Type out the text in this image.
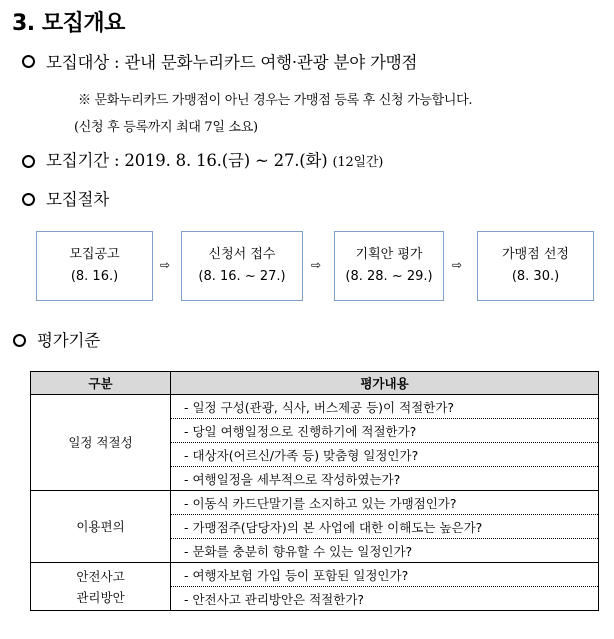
3. 모집개요
모집대상 : 관내 문화누리카드 여행·관광 분야 가맹점
※ 문화누리카드 가맹점이 아닌 경우는 가맹점 등록 후 신청 가능합니다.
(신청 후 등록까지 최대 7일 소요)
모집기간 : 2019. 8. 16.(금) ~ 27.(화) (12일간)
모집절차
모집공고
(8. 16.)
⇨
신청서 접수
(8. 16. ~ 27.)
⇨
기획안 평가
(8. 28. ~ 29.)
⇨
가맹점 선정
(8. 30.)
평가기준
구분	평가내용
일정 적절성	- 일정 구성(관광, 식사, 버스제공 등)이 적절한가?
	- 당일 여행일정으로 진행하기에 적절한가?
	- 대상자(어르신/가족 등) 맞춤형 일정인가?
	- 여행일정을 세부적으로 작성하였는가?
이용편의	- 이동식 카드단말기를 소지하고 있는 가맹점인가?
	- 가맹점주(담당자)의 본 사업에 대한 이해도는 높은가?
	- 문화를 충분히 향유할 수 있는 일정인가?
안전사고
관리방안	- 여행자보험 가입 등이 포함된 일정인가?
	- 안전사고 관리방안은 적절한가?
